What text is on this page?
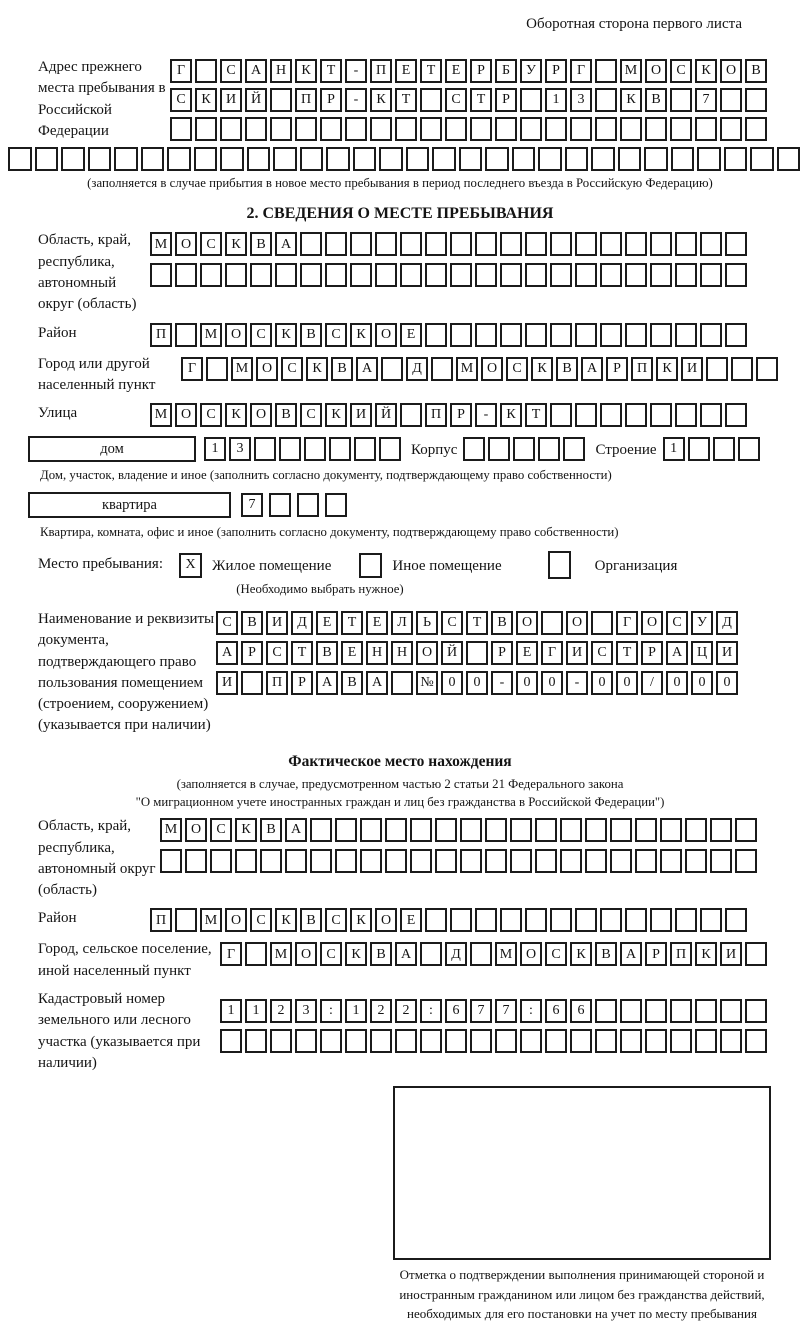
Оборотная сторона первого листа
Адрес прежнего места пребывания в Российской Федерации
Г	С	А	Н	К	Т	-	П	Е	Т	Е	Р	Б	У	Р	Г	М О	С	К	О	В
С	К	И	Й	П	Р	-	К	Т	С	Т	Р	1	3	К	В	7
(заполняется в случае прибытия в новое место пребывания в период последнего въезда в Российскую Федерацию)
2. СВЕДЕНИЯ О МЕСТЕ ПРЕБЫВАНИЯ
Область, край, республика, автономный округ (область)
М О	С	К	В	А
Район	П	М О	С	К	В	С	К	О	Е
Город или другой населенный пункт
Г	М О	С	К	В	А	Д	М О	С	К	В	А	Р	П	К	И
Улица	М О	С	К	О	В	С	К	И	Й	П	Р	-	К	Т
дом	1	3	Корпус	Строение 1
Дом, участок, владение и иное (заполнить согласно документу, подтверждающему право собственности)
квартира	7
Квартира, комната, офис и иное (заполнить согласно документу, подтверждающему право собственности)
Место пребывания:	X	Жилое помещение	Иное помещение	Организация
(Необходимо выбрать нужное)
Наименование и реквизиты документа, подтверждающего право пользования помещением (строением, сооружением) (указывается при наличии)
С	В	И	Д	Е	Т	Е	Л	Ь	С	Т	В	О	О	Г	О	С	У	Д
А	Р	С	Т	В	Е	Н	Н	О	Й	Р	Е	Г	И	С	Т	Р	А	Ц	И
И	П	Р	А	В	А	№	0	0	-	0	0	-	0	0	/	0	0	0
Фактическое место нахождения
(заполняется в случае, предусмотренном частью 2 статьи 21 Федерального закона
"О миграционном учете иностранных граждан и лиц без гражданства в Российской Федерации")
Область, край, республика, автономный округ (область)
М О	С	К	В	А
Район	П	М О	С	К	В	С	К	О	Е
Город, сельское поселение, иной населенный пункт
Г	М О	С	К	В	А	Д	М О	С	К	В	А	Р	П	К	И
Кадастровый номер земельного или лесного участка (указывается при наличии)
1	1	2	3	:	1	2	2	:	6	7	7	:	6	6
Отметка о подтверждении выполнения принимающей стороной и иностранным гражданином или лицом без гражданства действий, необходимых для его постановки на учет по месту пребывания
